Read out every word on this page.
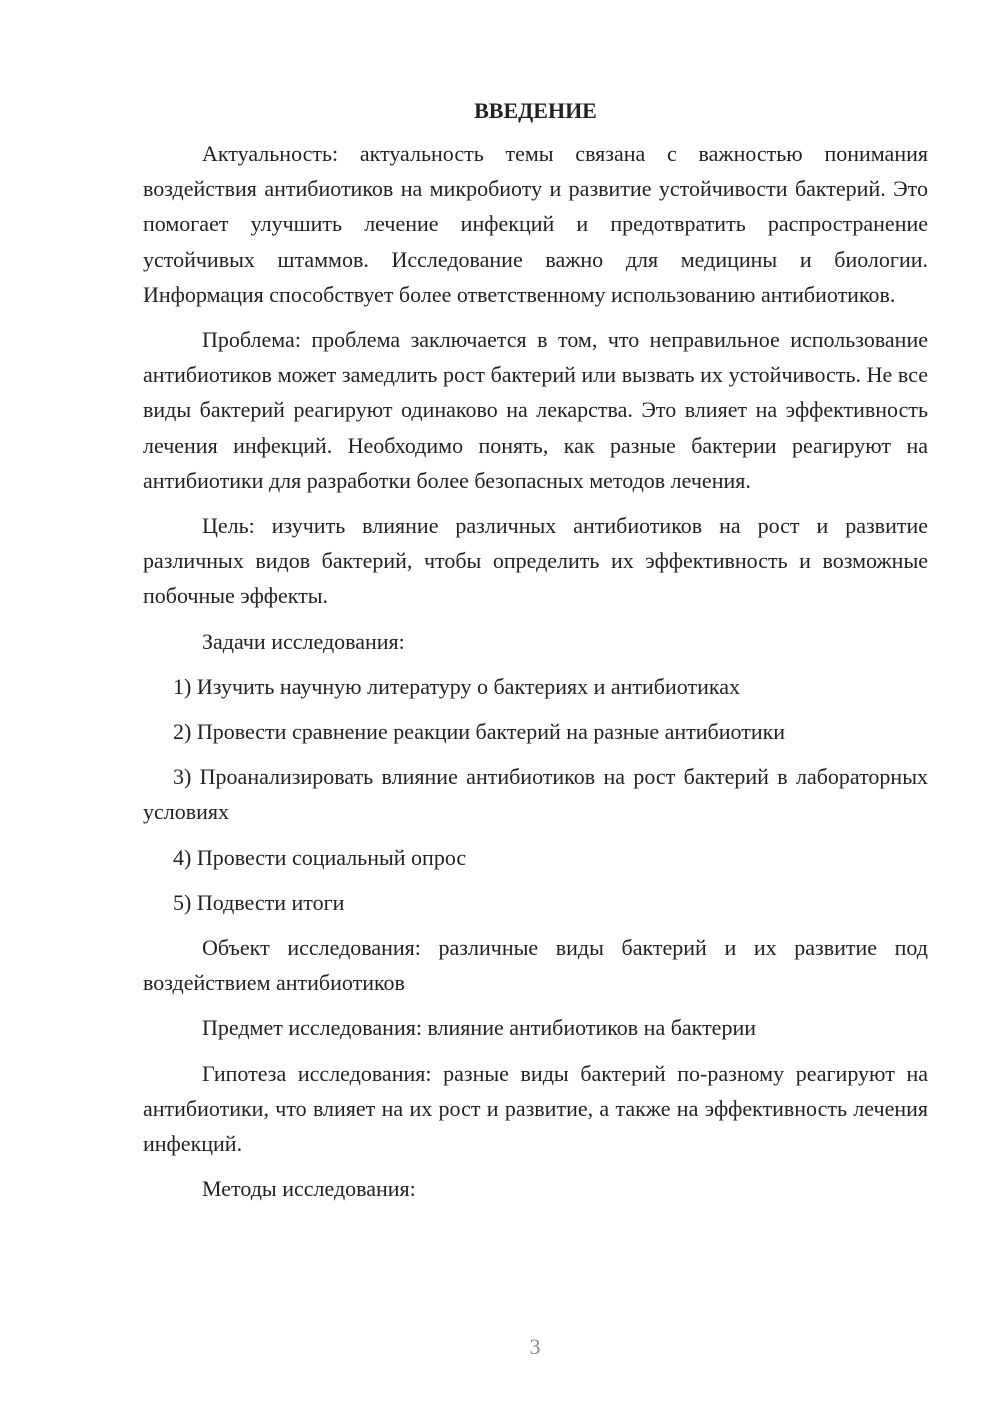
ВВЕДЕНИЕ

Актуальность: актуальность темы связана с важностью понимания воздействия антибиотиков на микробиоту и развитие устойчивости бактерий. Это помогает улучшить лечение инфекций и предотвратить распространение устойчивых штаммов. Исследование важно для медицины и биологии. Информация способствует более ответственному использованию антибиотиков.

Проблема: проблема заключается в том, что неправильное использование антибиотиков может замедлить рост бактерий или вызвать их устойчивость. Не все виды бактерий реагируют одинаково на лекарства. Это влияет на эффективность лечения инфекций. Необходимо понять, как разные бактерии реагируют на антибиотики для разработки более безопасных методов лечения.

Цель: изучить влияние различных антибиотиков на рост и развитие различных видов бактерий, чтобы определить их эффективность и возможные побочные эффекты.

Задачи исследования:

1) Изучить научную литературу о бактериях и антибиотиках

2) Провести сравнение реакции бактерий на разные антибиотики

3) Проанализировать влияние антибиотиков на рост бактерий в лабораторных условиях

4) Провести социальный опрос

5) Подвести итоги

Объект исследования: различные виды бактерий и их развитие под воздействием антибиотиков

Предмет исследования: влияние антибиотиков на бактерии

Гипотеза исследования: разные виды бактерий по-разному реагируют на антибиотики, что влияет на их рост и развитие, а также на эффективность лечения инфекций.

Методы исследования:

3
